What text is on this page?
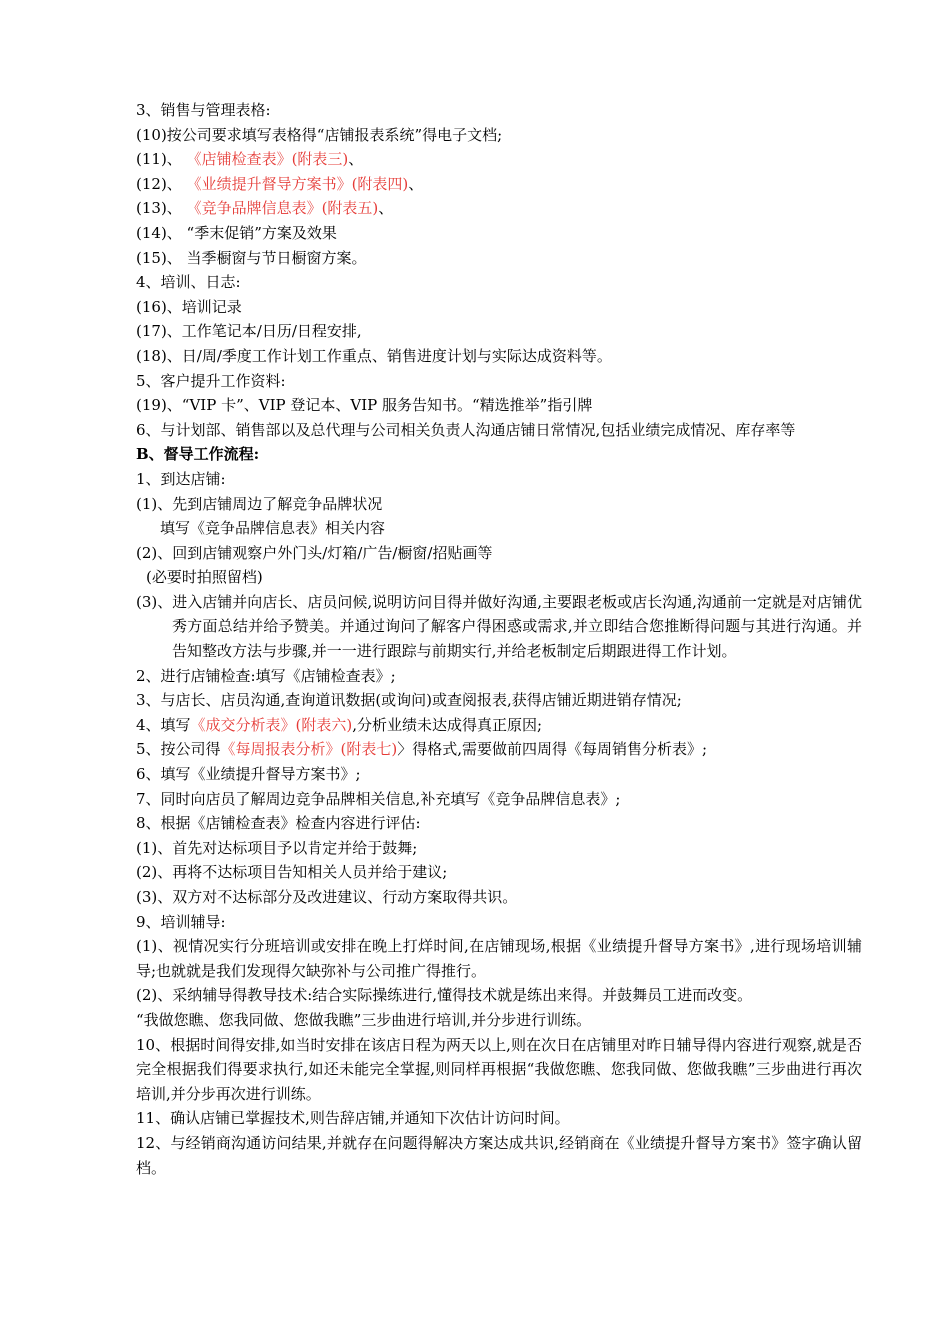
3、销售与管理表格:
(10)按公司要求填写表格得“店铺报表系统”得电子文档;
(11)、 《店铺检查表》(附表三)、
(12)、 《业绩提升督导方案书》(附表四)、
(13)、 《竞争品牌信息表》(附表五)、
(14)、 “季末促销”方案及效果
(15)、 当季橱窗与节日橱窗方案。
4、培训、日志:
(16)、培训记录
(17)、工作笔记本/日历/日程安排,
(18)、日/周/季度工作计划工作重点、销售进度计划与实际达成资料等。
5、客户提升工作资料:
(19)、“VIP 卡”、VIP 登记本、VIP 服务告知书。“精选推举”指引牌
6、与计划部、销售部以及总代理与公司相关负责人沟通店铺日常情况,包括业绩完成情况、库存率等
B、督导工作流程:
1、到达店铺:
(1)、先到店铺周边了解竞争品牌状况
填写《竞争品牌信息表》相关内容
(2)、回到店铺观察户外门头/灯箱/广告/橱窗/招贴画等
(必要时拍照留档)
(3)、进入店铺并向店长、店员问候,说明访问目得并做好沟通,主要跟老板或店长沟通,沟通前一定就是对店铺优秀方面总结并给予赞美。并通过询问了解客户得困惑或需求,并立即结合您推断得问题与其进行沟通。并告知整改方法与步骤,并一一进行跟踪与前期实行,并给老板制定后期跟进得工作计划。
2、进行店铺检查:填写《店铺检查表》;
3、与店长、店员沟通,查询道讯数据(或询问)或查阅报表,获得店铺近期进销存情况;
4、填写《成交分析表》(附表六),分析业绩未达成得真正原因;
5、按公司得《每周报表分析》(附表七)〉得格式,需要做前四周得《每周销售分析表》;
6、填写《业绩提升督导方案书》;
7、同时向店员了解周边竞争品牌相关信息,补充填写《竞争品牌信息表》;
8、根据《店铺检查表》检查内容进行评估:
(1)、首先对达标项目予以肯定并给于鼓舞;
(2)、再将不达标项目告知相关人员并给于建议;
(3)、双方对不达标部分及改进建议、行动方案取得共识。
9、培训辅导:
(1)、视情况实行分班培训或安排在晚上打烊时间,在店铺现场,根据《业绩提升督导方案书》,进行现场培训辅导;也就就是我们发现得欠缺弥补与公司推广得推行。
(2)、采纳辅导得教导技术:结合实际操练进行,懂得技术就是练出来得。并鼓舞员工进而改变。
“我做您瞧、您我同做、您做我瞧”三步曲进行培训,并分步进行训练。
10、根据时间得安排,如当时安排在该店日程为两天以上,则在次日在店铺里对昨日辅导得内容进行观察,就是否完全根据我们得要求执行,如还未能完全掌握,则同样再根据“我做您瞧、您我同做、您做我瞧”三步曲进行再次培训,并分步再次进行训练。
11、确认店铺已掌握技术,则告辞店铺,并通知下次估计访问时间。
12、与经销商沟通访问结果,并就存在问题得解决方案达成共识,经销商在《业绩提升督导方案书》签字确认留档。
